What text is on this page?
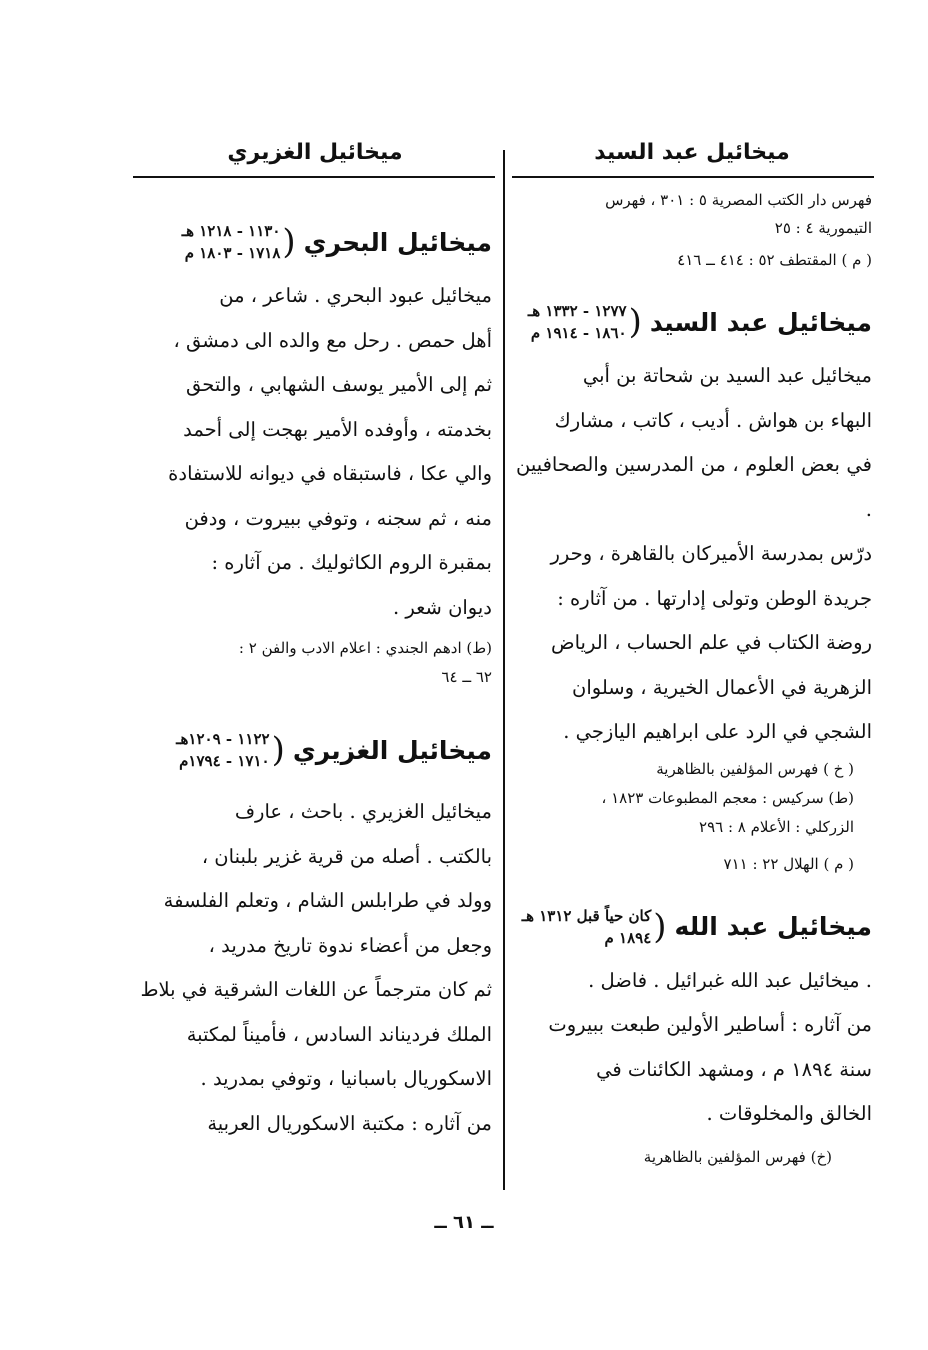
ميخائيل عبد السيد
ميخائيل الغزيري

فهرس دار الكتب المصرية ٥ : ٣٠١ ، فهرس

التيمورية ٤ : ٢٥

( م ) المقتطف ٥٢ : ٤١٤ ــ ٤١٦

ميخائيل عبد السيد
(
١٢٧٧ - ١٣٣٢ هـ
١٨٦٠ - ١٩١٤ م

ميخائيل عبد السيد بن شحاتة بن أبي

البهاء بن هواش . أديب ، كاتب ، مشارك

في بعض العلوم ، من المدرسين والصحافيين .

درّس بمدرسة الأميركان بالقاهرة ، وحرر

جريدة الوطن وتولى إدارتها . من آثاره :

روضة الكتاب في علم الحساب ، الرياض

الزهرية في الأعمال الخيرية ، وسلوان

الشجي في الرد على ابراهيم اليازجي .

( خ ) فهرس المؤلفين بالظاهرية

(ط) سركيس : معجم المطبوعات ١٨٢٣ ،

الزركلي : الأعلام ٨ : ٢٩٦

( م ) الهلال ٢٢ : ٧١١

ميخائيل عبد الله
(
كان حياً قبل ١٣١٢ هـ
١٨٩٤ م

. ميخائيل عبد الله غبرائيل . فاضل .

من آثاره : أساطير الأولين طبعت ببيروت

سنة ١٨٩٤ م ، ومشهد الكائنات في

الخالق والمخلوقات .

(خ) فهرس المؤلفين بالظاهرية

ميخائيل البحري
(
١١٣٠ - ١٢١٨ هـ
١٧١٨ - ١٨٠٣ م

ميخائيل عبود البحري . شاعر ، من

أهل حمص . رحل مع والده الى دمشق ،

ثم إلى الأمير يوسف الشهابي ، والتحق

بخدمته ، وأوفده الأمير بهجت إلى أحمد

والي عكا ، فاستبقاه في ديوانه للاستفادة

منه ، ثم سجنه ، وتوفي ببيروت ، ودفن

بمقبرة الروم الكاثوليك . من آثاره :

ديوان شعر .

(ط) ادهم الجندي : اعلام الادب والفن ٢ :

٦٢ ــ ٦٤

ميخائيل الغزيري
(
١١٢٢ - ١٢٠٩هـ
١٧١٠ - ١٧٩٤م

ميخائيل الغزيري . باحث ، عارف

بالكتب . أصله من قرية غزير بلبنان ،

وولد في طرابلس الشام ، وتعلم الفلسفة

وجعل من أعضاء ندوة تاريخ مدريد ،

ثم كان مترجماً عن اللغات الشرقية في بلاط

الملك فرديناند السادس ، فأميناً لمكتبة

الاسكوريال باسبانيا ، وتوفي بمدريد .

من آثاره : مكتبة الاسكوريال العربية

ــ ٦١ ــ
